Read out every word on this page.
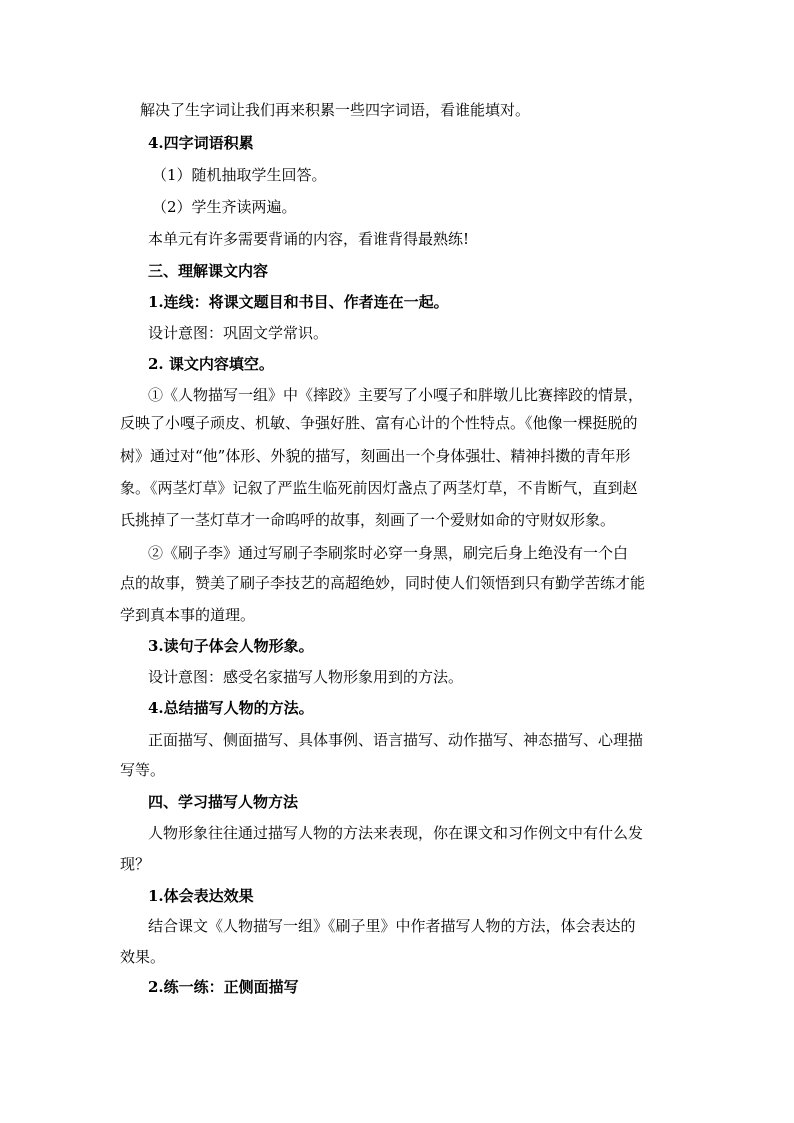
解决了生字词让我们再来积累一些四字词语，看谁能填对。
4.四字词语积累
（1）随机抽取学生回答。
（2）学生齐读两遍。
本单元有许多需要背诵的内容，看谁背得最熟练!
三、理解课文内容
1.连线：将课文题目和书目、作者连在一起。
设计意图：巩固文学常识。
2. 课文内容填空。
①《人物描写一组》中《摔跤》主要写了小嘎子和胖墩儿比赛摔跤的情景，
反映了小嘎子顽皮、机敏、争强好胜、富有心计的个性特点。《他像一棵挺脱的
树》通过对“他”体形、外貌的描写，刻画出一个身体强壮、精神抖擞的青年形
象。《两茎灯草》记叙了严监生临死前因灯盏点了两茎灯草，不肯断气，直到赵
氏挑掉了一茎灯草才一命呜呼的故事，刻画了一个爱财如命的守财奴形象。
②《刷子李》通过写刷子李刷浆时必穿一身黑，刷完后身上绝没有一个白
点的故事，赞美了刷子李技艺的高超绝妙，同时使人们领悟到只有勤学苦练才能
学到真本事的道理。
3.读句子体会人物形象。
设计意图：感受名家描写人物形象用到的方法。
4.总结描写人物的方法。
正面描写、侧面描写、具体事例、语言描写、动作描写、神态描写、心理描
写等。
四、学习描写人物方法
人物形象往往通过描写人物的方法来表现，你在课文和习作例文中有什么发
现？
1.体会表达效果
结合课文《人物描写一组》《刷子里》中作者描写人物的方法，体会表达的
效果。
2.练一练：正侧面描写
